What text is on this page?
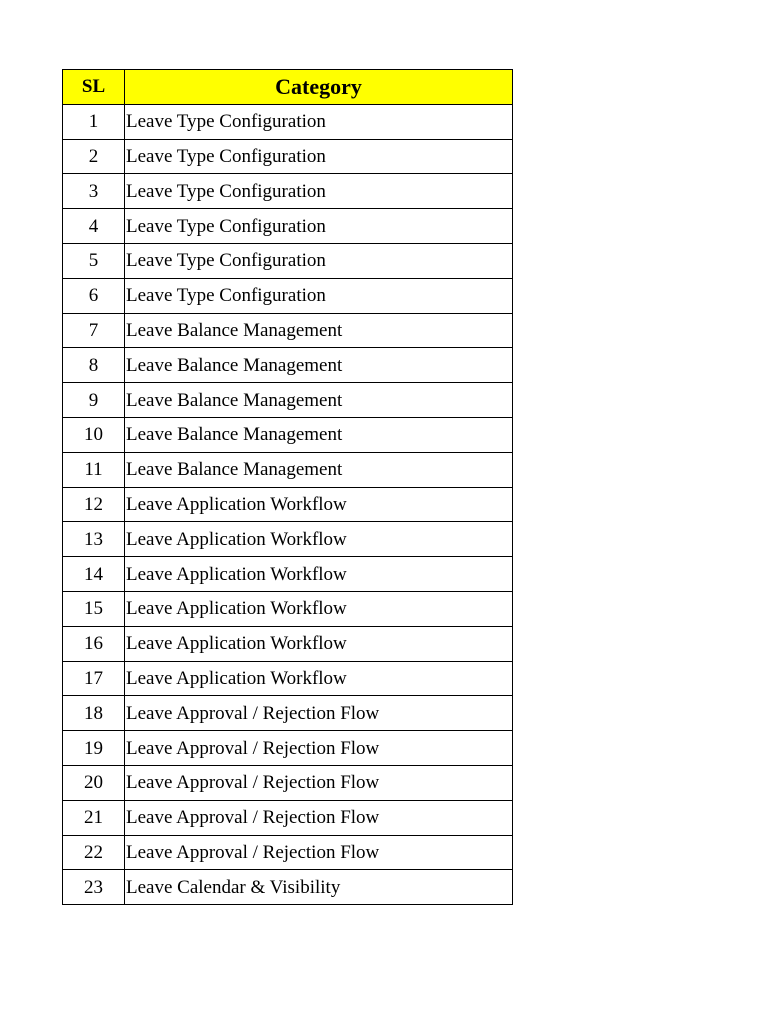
SL	Category
1	Leave Type Configuration
2	Leave Type Configuration
3	Leave Type Configuration
4	Leave Type Configuration
5	Leave Type Configuration
6	Leave Type Configuration
7	Leave Balance Management
8	Leave Balance Management
9	Leave Balance Management
10	Leave Balance Management
11	Leave Balance Management
12	Leave Application Workflow
13	Leave Application Workflow
14	Leave Application Workflow
15	Leave Application Workflow
16	Leave Application Workflow
17	Leave Application Workflow
18	Leave Approval / Rejection Flow
19	Leave Approval / Rejection Flow
20	Leave Approval / Rejection Flow
21	Leave Approval / Rejection Flow
22	Leave Approval / Rejection Flow
23	Leave Calendar & Visibility
